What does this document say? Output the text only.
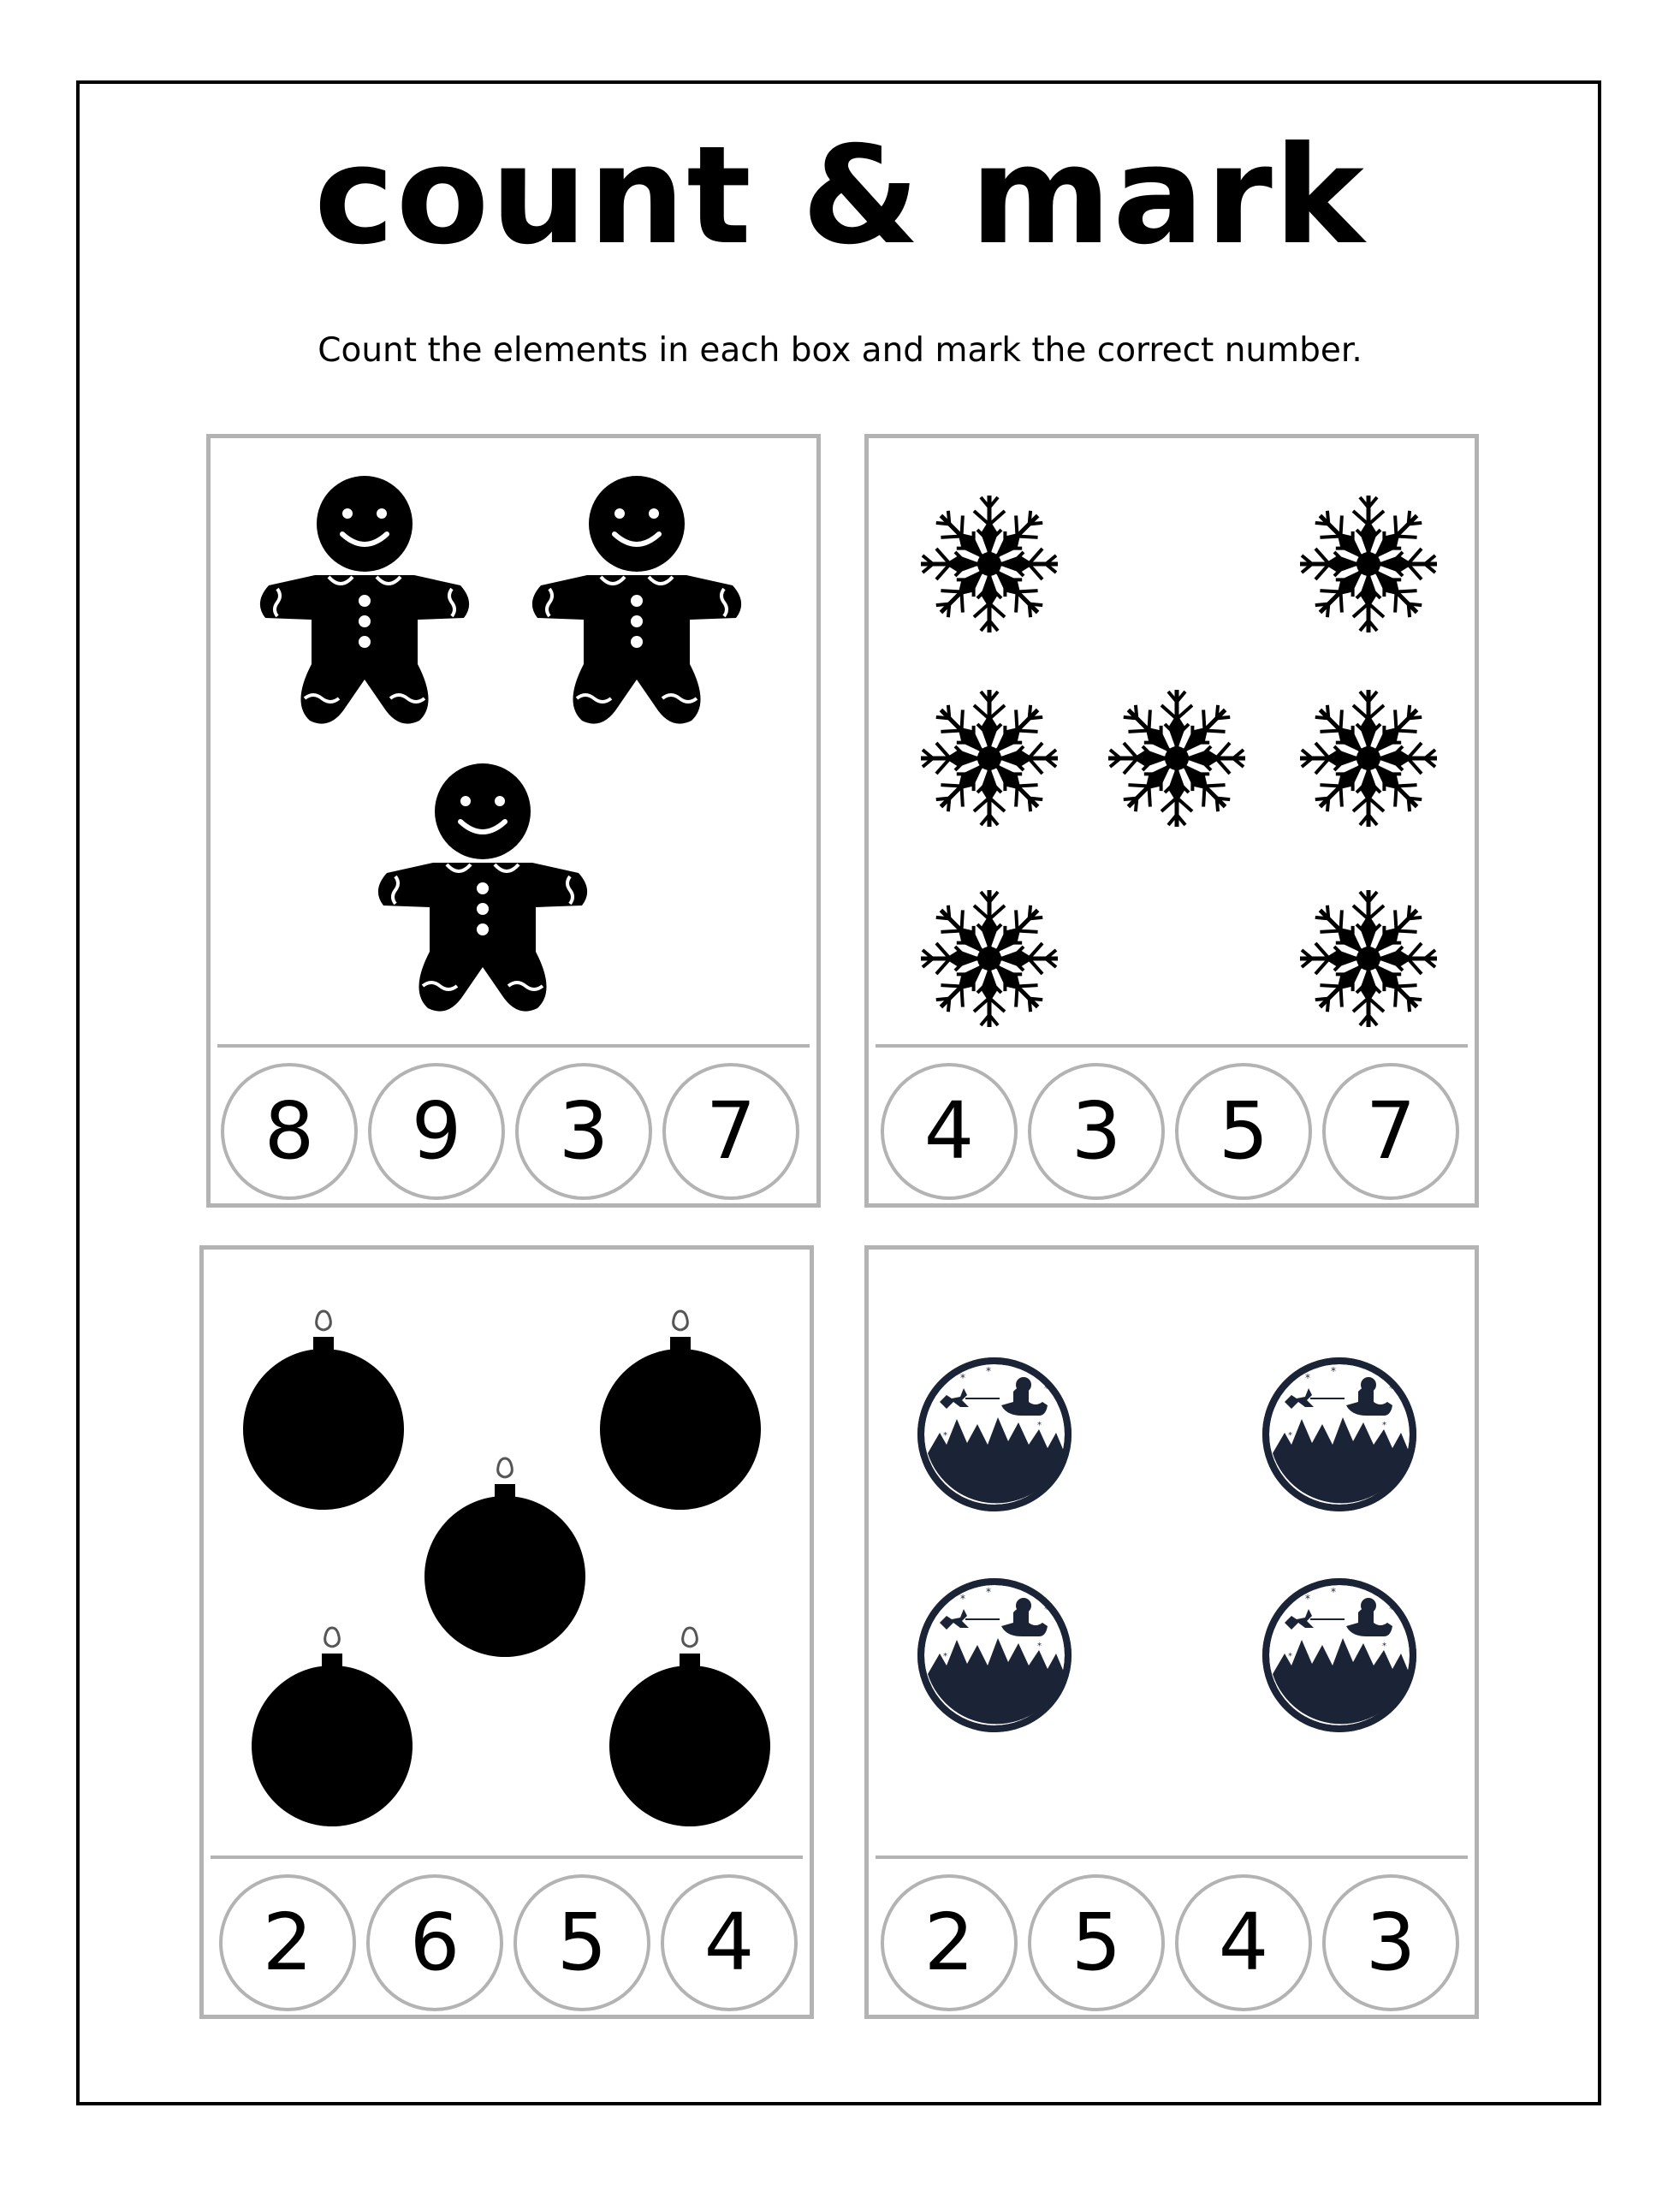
count & mark
Count the elements in each box and mark the correct number.
8	9	3	7	4	3	5	7
2	6	5	4	2	5	4	3
